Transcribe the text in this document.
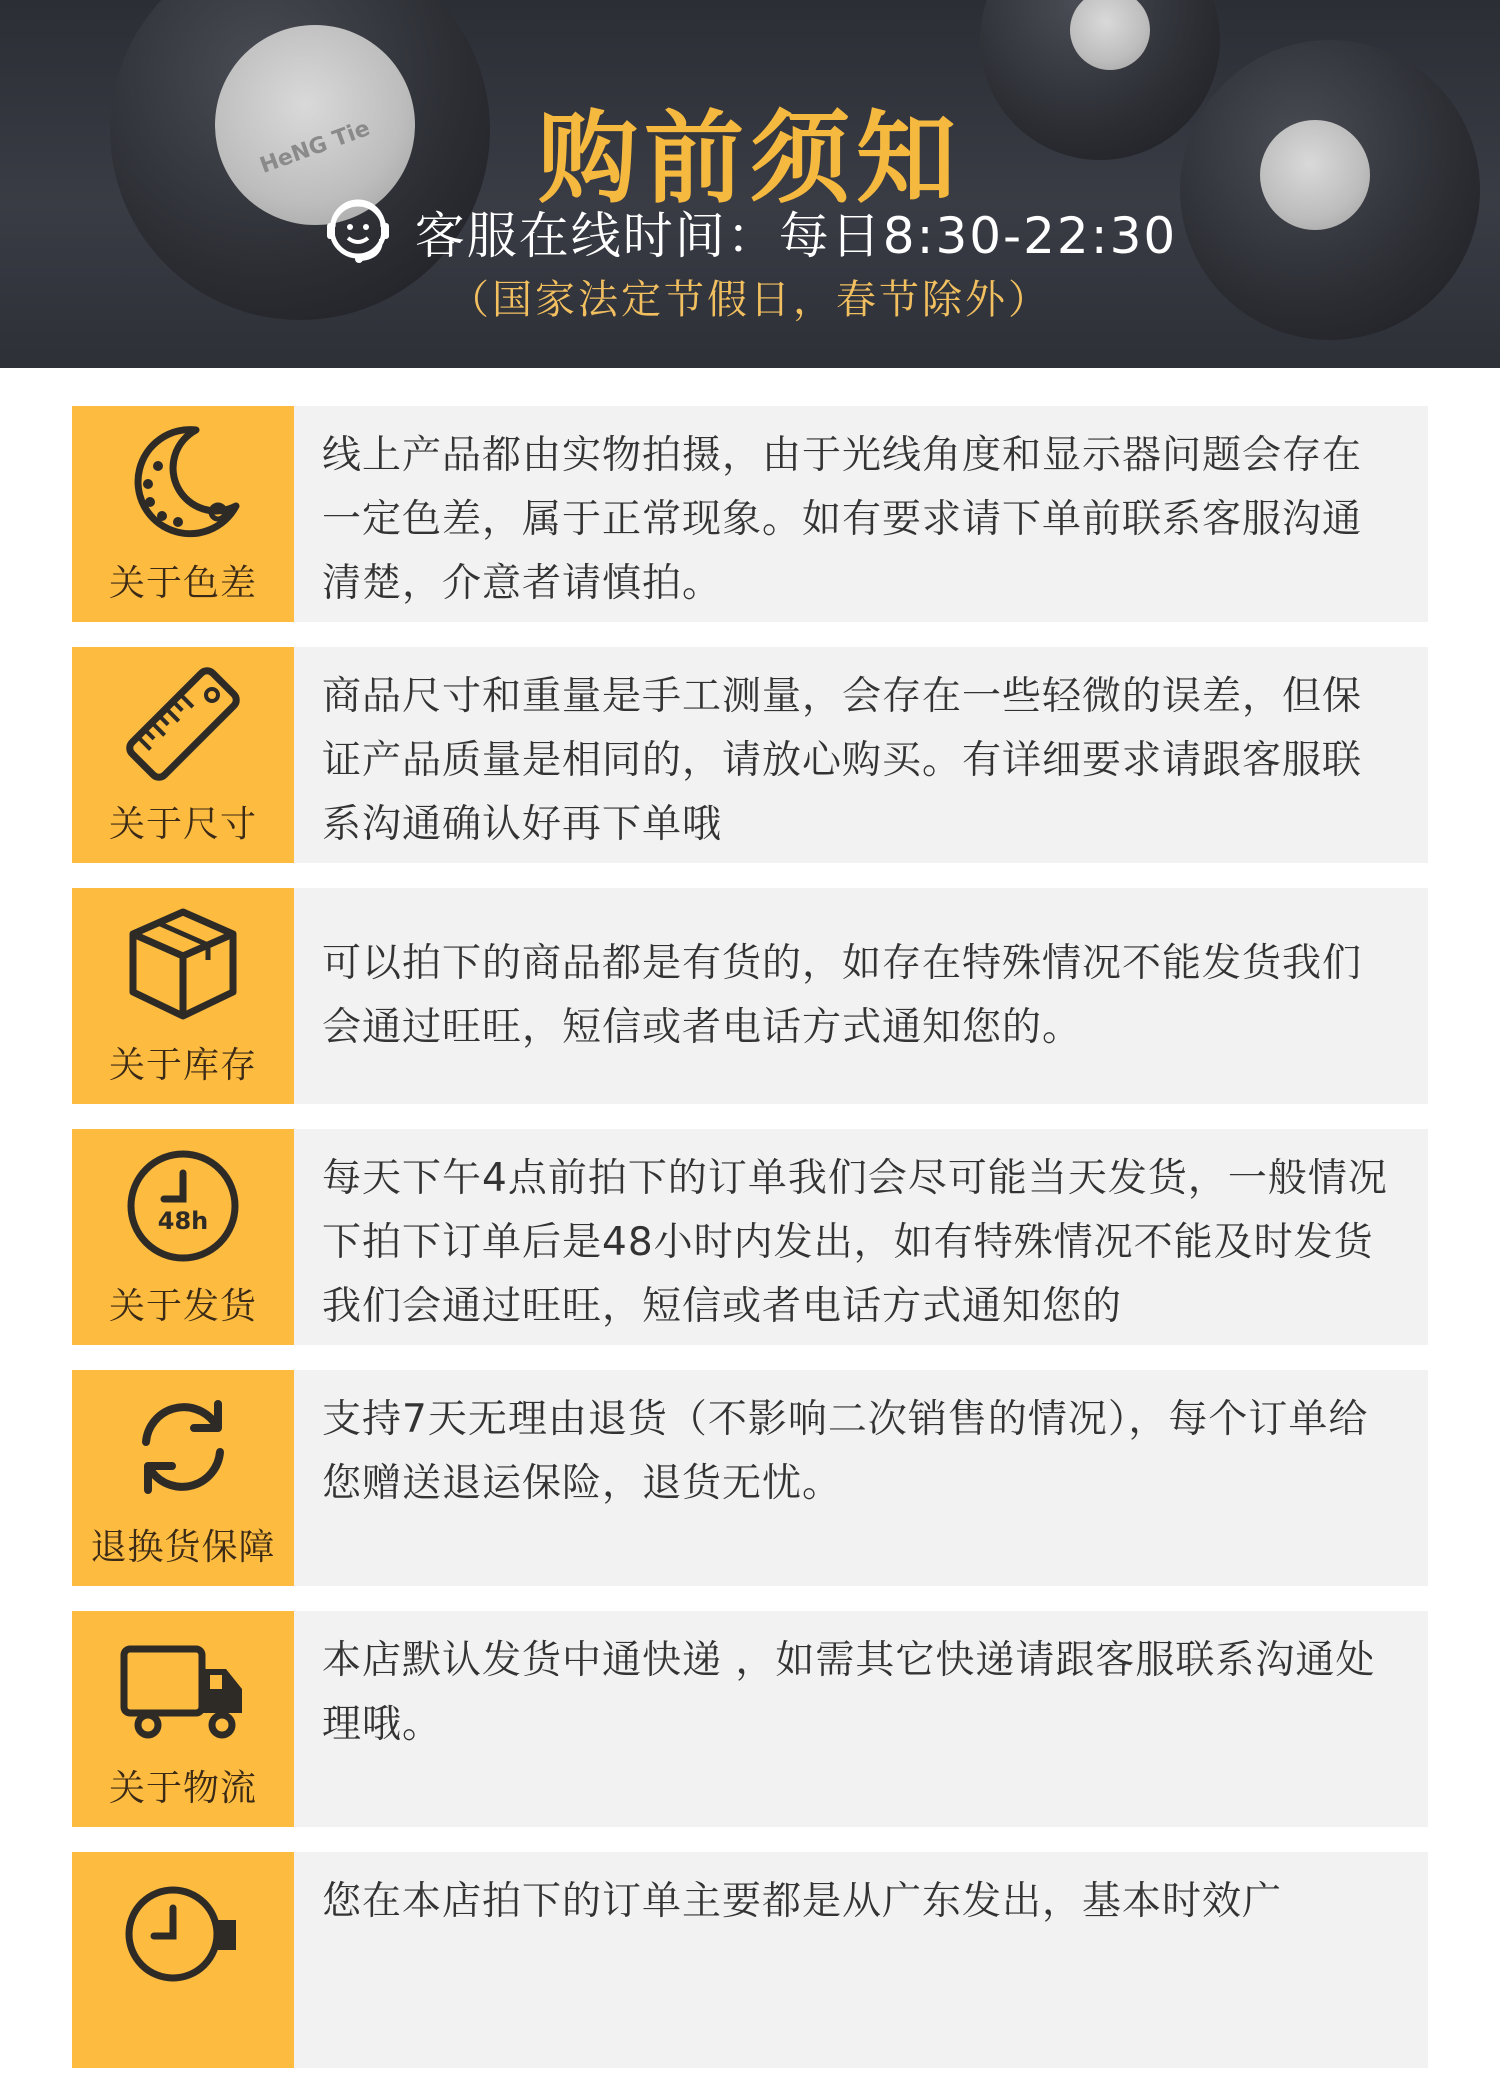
HeNG Tie	购前须知
客服在线时间：每日8:30-22:30
（国家法定节假日，春节除外）
关于色差
线上产品都由实物拍摄，由于光线角度和显示器问题会存在一定色差，属于正常现象。如有要求请下单前联系客服沟通清楚，介意者请慎拍。
关于尺寸
商品尺寸和重量是手工测量，会存在一些轻微的误差，但保证产品质量是相同的，请放心购买。有详细要求请跟客服联系沟通确认好再下单哦
关于库存
可以拍下的商品都是有货的，如存在特殊情况不能发货我们会通过旺旺，短信或者电话方式通知您的。
48h
关于发货
每天下午4点前拍下的订单我们会尽可能当天发货，一般情况下拍下订单后是48小时内发出，如有特殊情况不能及时发货我们会通过旺旺，短信或者电话方式通知您的
退换货保障
支持7天无理由退货（不影响二次销售的情况），每个订单给您赠送退运保险，退货无忧。
关于物流
本店默认发货中通快递 ，如需其它快递请跟客服联系沟通处理哦。
您在本店拍下的订单主要都是从广东发出，基本时效广
